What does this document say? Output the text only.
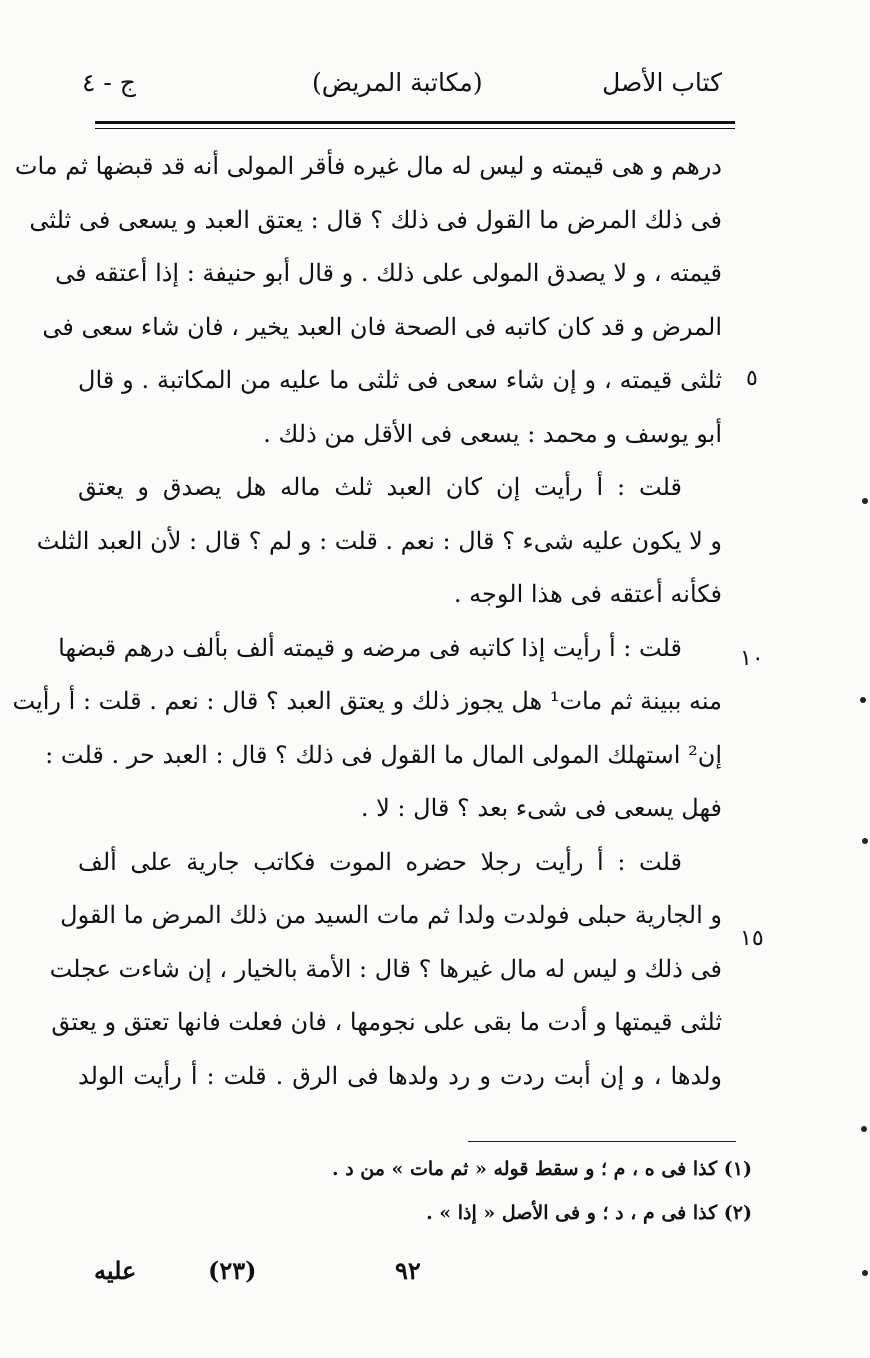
كتاب الأصل
(مكاتبة المريض)
ج - ٤
درهم و هى قيمته و ليس له مال غيره فأقر المولى أنه قد قبضها ثم مات
فى ذلك المرض ما القول فى ذلك ؟ قال : يعتق العبد و يسعى فى ثلثى
قيمته ، و لا يصدق المولى على ذلك . و قال أبو حنيفة : إذا أعتقه فى
المرض و قد كان كاتبه فى الصحة فان العبد يخير ، فان شاء سعى فى
ثلثى قيمته ، و إن شاء سعى فى ثلثى ما عليه من المكاتبة . و قال
أبو يوسف و محمد : يسعى فى الأقل من ذلك .
قلت : أ رأيت إن كان العبد ثلث ماله هل يصدق و يعتق
و لا يكون عليه شىء ؟ قال : نعم . قلت : و لم ؟ قال : لأن العبد الثلث
فكأنه أعتقه فى هذا الوجه .
قلت : أ رأيت إذا كاتبه فى مرضه و قيمته ألف بألف درهم قبضها
منه ببينة ثم مات¹ هل يجوز ذلك و يعتق العبد ؟ قال : نعم . قلت : أ رأيت
إن² استهلك المولى المال ما القول فى ذلك ؟ قال : العبد حر . قلت :
فهل يسعى فى شىء بعد ؟ قال : لا .
قلت : أ رأيت رجلا حضره الموت فكاتب جارية على ألف
و الجارية حبلى فولدت ولدا ثم مات السيد من ذلك المرض ما القول
فى ذلك و ليس له مال غيرها ؟ قال : الأمة بالخيار ، إن شاءت عجلت
ثلثى قيمتها و أدت ما بقى على نجومها ، فان فعلت فانها تعتق و يعتق
ولدها ، و إن أبت ردت و رد ولدها فى الرق . قلت : أ رأيت الولد
٥
١٠
١٥
(١) كذا فى ه ، م ؛ و سقط قوله « ثم مات » من د .
(٢) كذا فى م ، د ؛ و فى الأصل « إذا » .
عليه	(٢٣)	٩٢
